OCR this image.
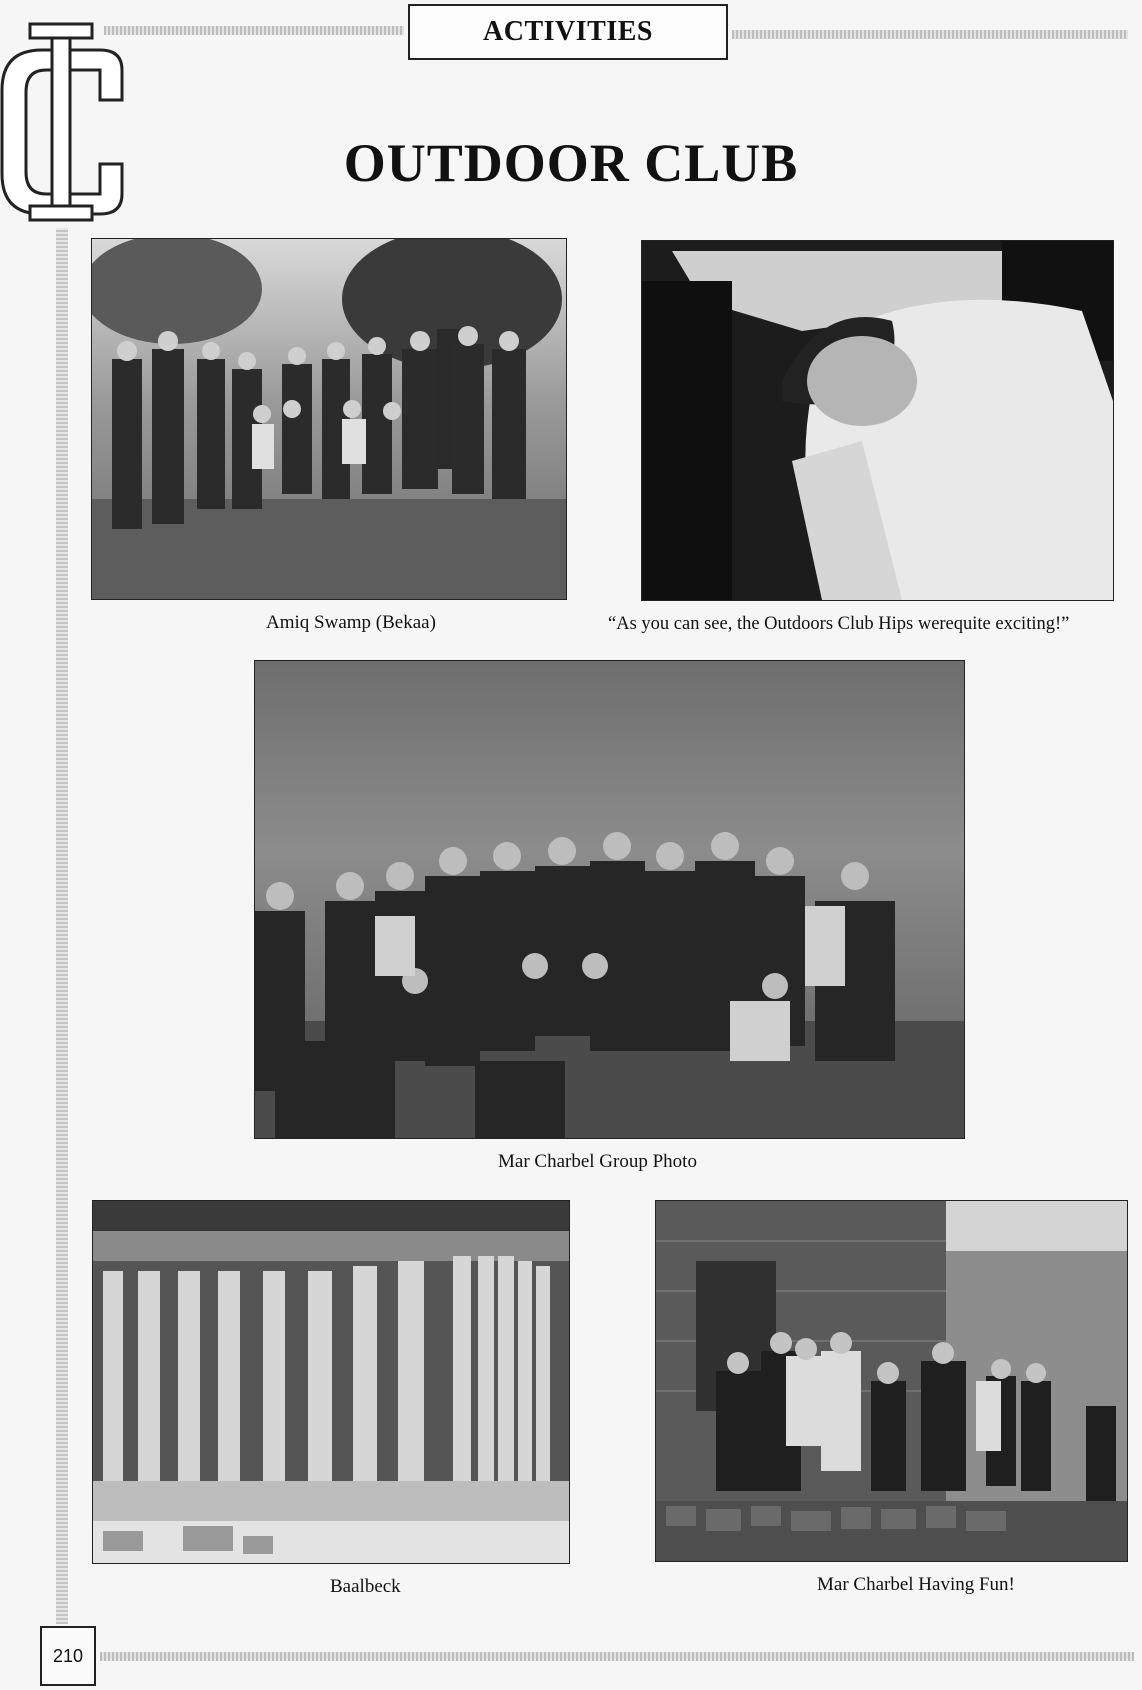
ACTIVITIES
OUTDOOR CLUB
Amiq Swamp (Bekaa)	“As you can see, the Outdoors Club Hips werequite exciting!”
Mar Charbel Group Photo
Baalbeck	Mar Charbel Having Fun!
210
